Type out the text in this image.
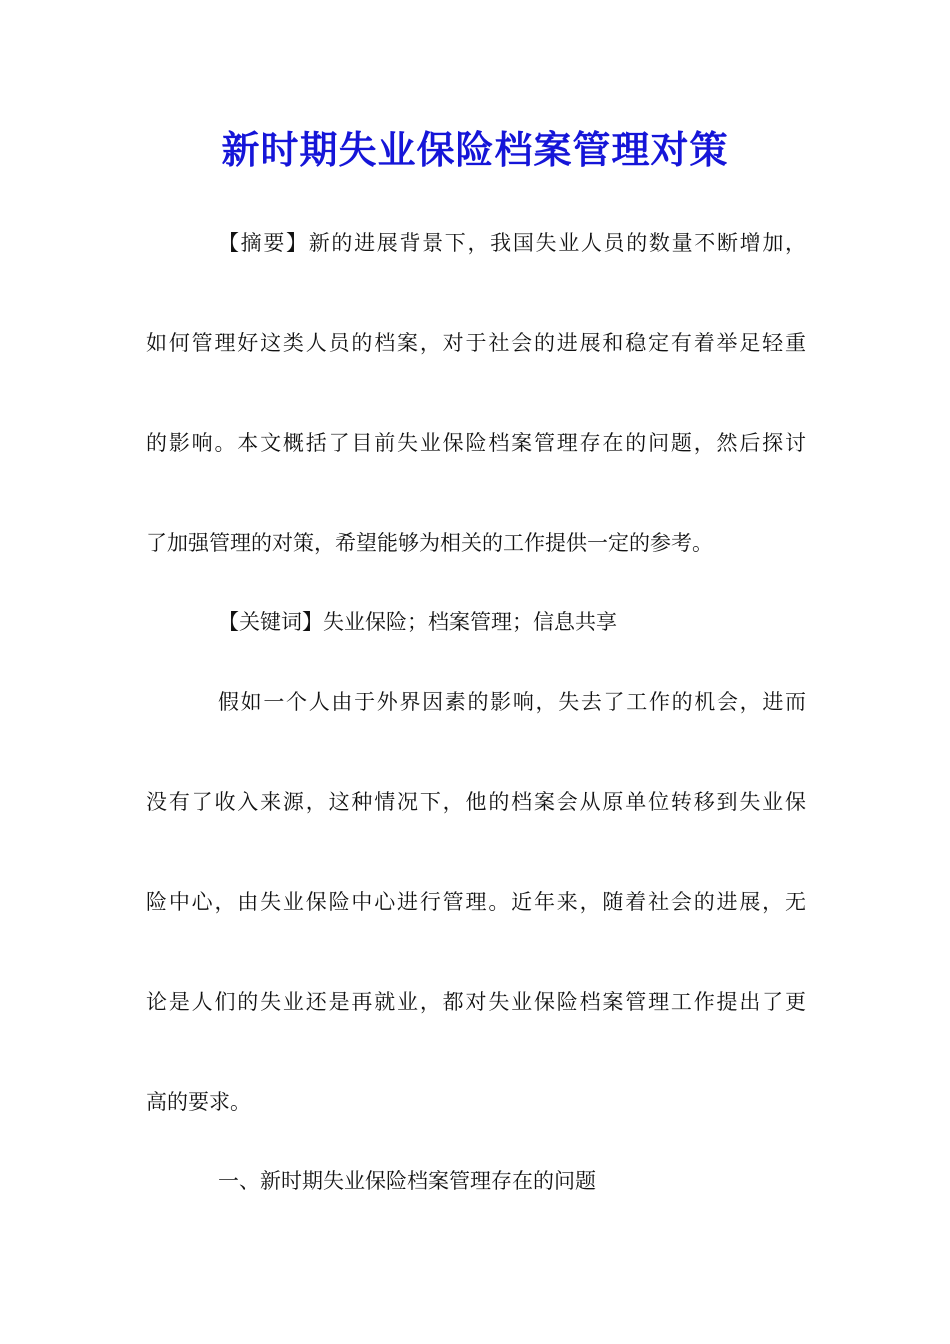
新时期失业保险档案管理对策
【摘要】新的进展背景下，我国失业人员的数量不断增加，
如何管理好这类人员的档案，对于社会的进展和稳定有着举足轻重
的影响。本文概括了目前失业保险档案管理存在的问题，然后探讨
了加强管理的对策，希望能够为相关的工作提供一定的参考。
【关键词】失业保险；档案管理；信息共享
假如一个人由于外界因素的影响，失去了工作的机会，进而
没有了收入来源，这种情况下，他的档案会从原单位转移到失业保
险中心，由失业保险中心进行管理。近年来，随着社会的进展，无
论是人们的失业还是再就业，都对失业保险档案管理工作提出了更
高的要求。
一、新时期失业保险档案管理存在的问题
